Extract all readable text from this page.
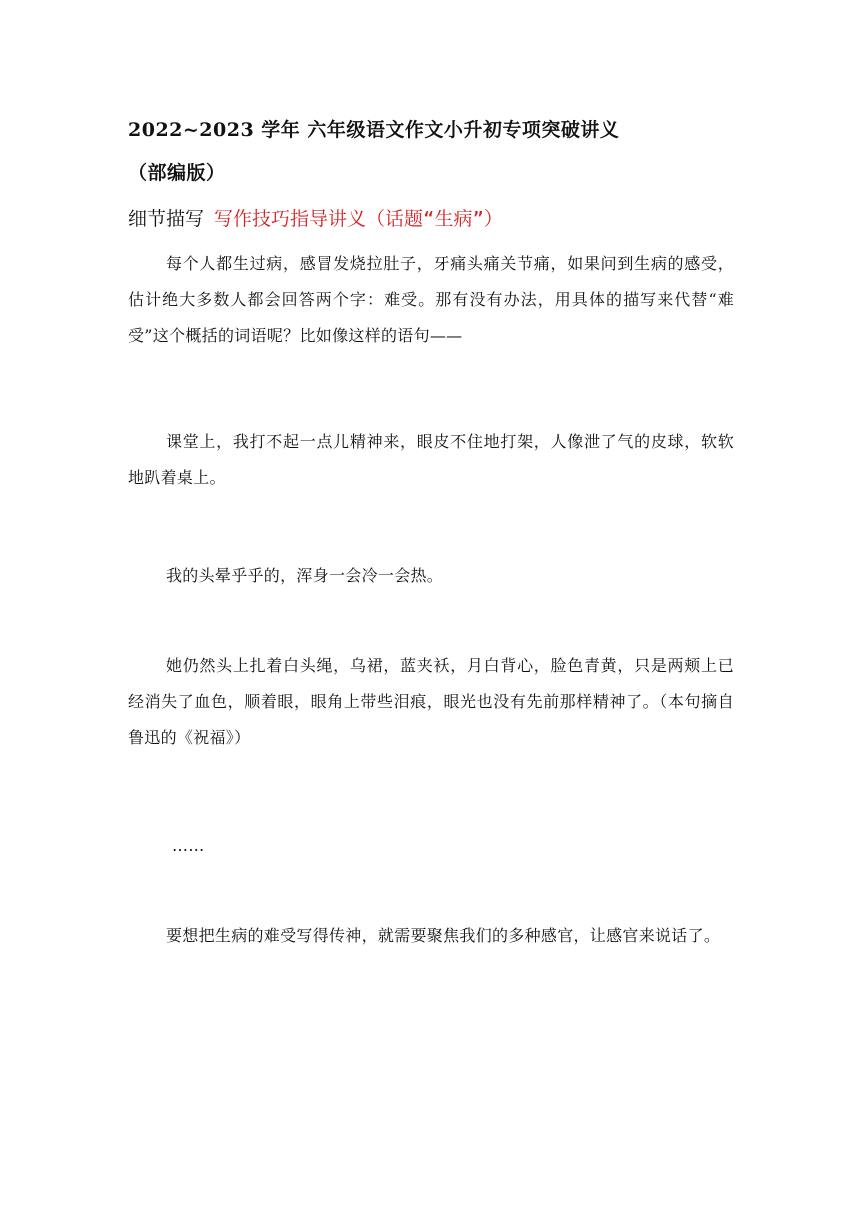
2022~2023 学年 六年级语文作文小升初专项突破讲义
（部编版）
细节描写 写作技巧指导讲义（话题“生病”）

每个人都生过病，感冒发烧拉肚子，牙痛头痛关节痛，如果问到生病的感受，估计绝大多数人都会回答两个字：难受。那有没有办法，用具体的描写来代替“难受”这个概括的词语呢？比如像这样的语句——

课堂上，我打不起一点儿精神来，眼皮不住地打架，人像泄了气的皮球，软软地趴着桌上。

我的头晕乎乎的，浑身一会冷一会热。

她仍然头上扎着白头绳，乌裙，蓝夹袄，月白背心，脸色青黄，只是两颊上已经消失了血色，顺着眼，眼角上带些泪痕，眼光也没有先前那样精神了。（本句摘自鲁迅的《祝福》）

……

要想把生病的难受写得传神，就需要聚焦我们的多种感官，让感官来说话了。
